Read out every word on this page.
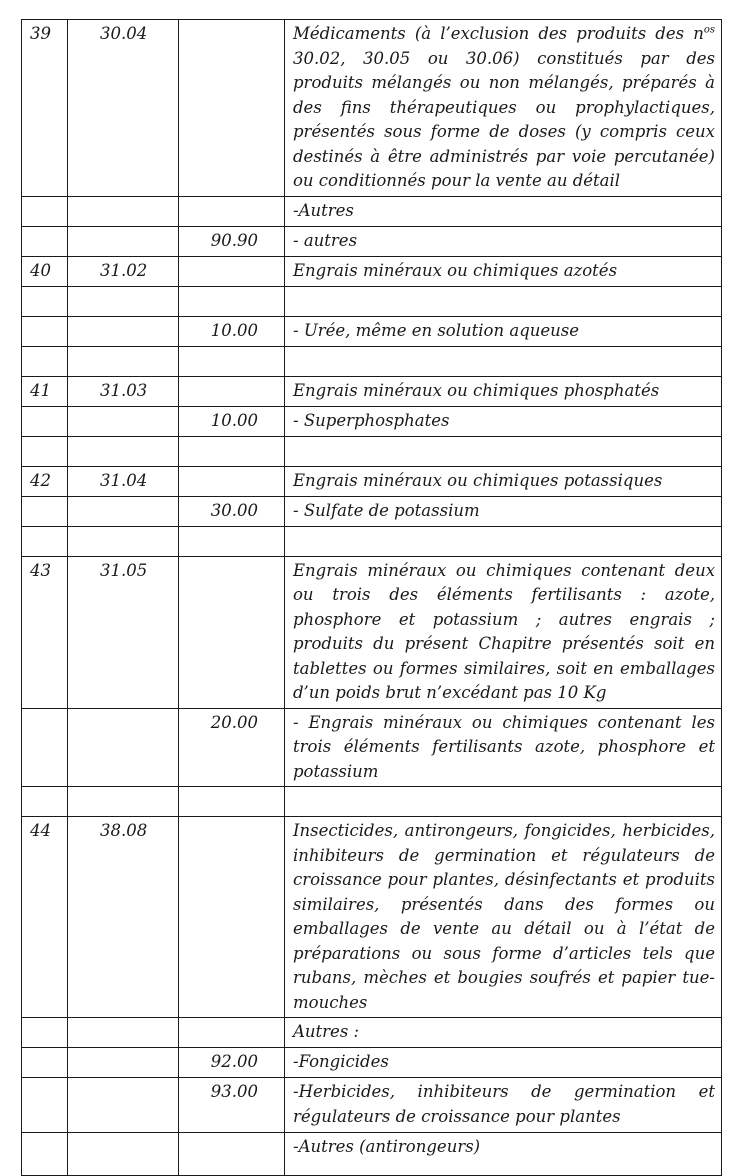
39	30.04		Médicaments (à l’exclusion des produits des $n^{os}$ 30.02, 30.05 ou 30.06) constitués par des produits mélangés ou non mélangés, préparés à des fins thérapeutiques ou prophylactiques, présentés sous forme de doses (y compris ceux destinés à être administrés par voie percutanée) ou conditionnés pour la vente au détail
			-Autres
		90.90	- autres
40	31.02		Engrais minéraux ou chimiques azotés

		10.00	- Urée, même en solution aqueuse

41	31.03		Engrais minéraux ou chimiques phosphatés
		10.00	- Superphosphates

42	31.04		Engrais minéraux ou chimiques potassiques
		30.00	- Sulfate de potassium

43	31.05		Engrais minéraux ou chimiques contenant deux ou trois des éléments fertilisants : azote, phosphore et potassium ; autres engrais ; produits du présent Chapitre présentés soit en tablettes ou formes similaires, soit en emballages d’un poids brut n’excédant pas 10 Kg
		20.00	- Engrais minéraux ou chimiques contenant les trois éléments fertilisants azote, phosphore et potassium

44	38.08		Insecticides, antirongeurs, fongicides, herbicides, inhibiteurs de germination et régulateurs de croissance pour plantes, désinfectants et produits similaires, présentés dans des formes ou emballages de vente au détail ou à l’état de préparations ou sous forme d’articles tels que rubans, mèches et bougies soufrés et papier tue-mouches
			Autres :
		92.00	-Fongicides
		93.00	-Herbicides, inhibiteurs de germination et régulateurs de croissance pour plantes
			-Autres (antirongeurs)
